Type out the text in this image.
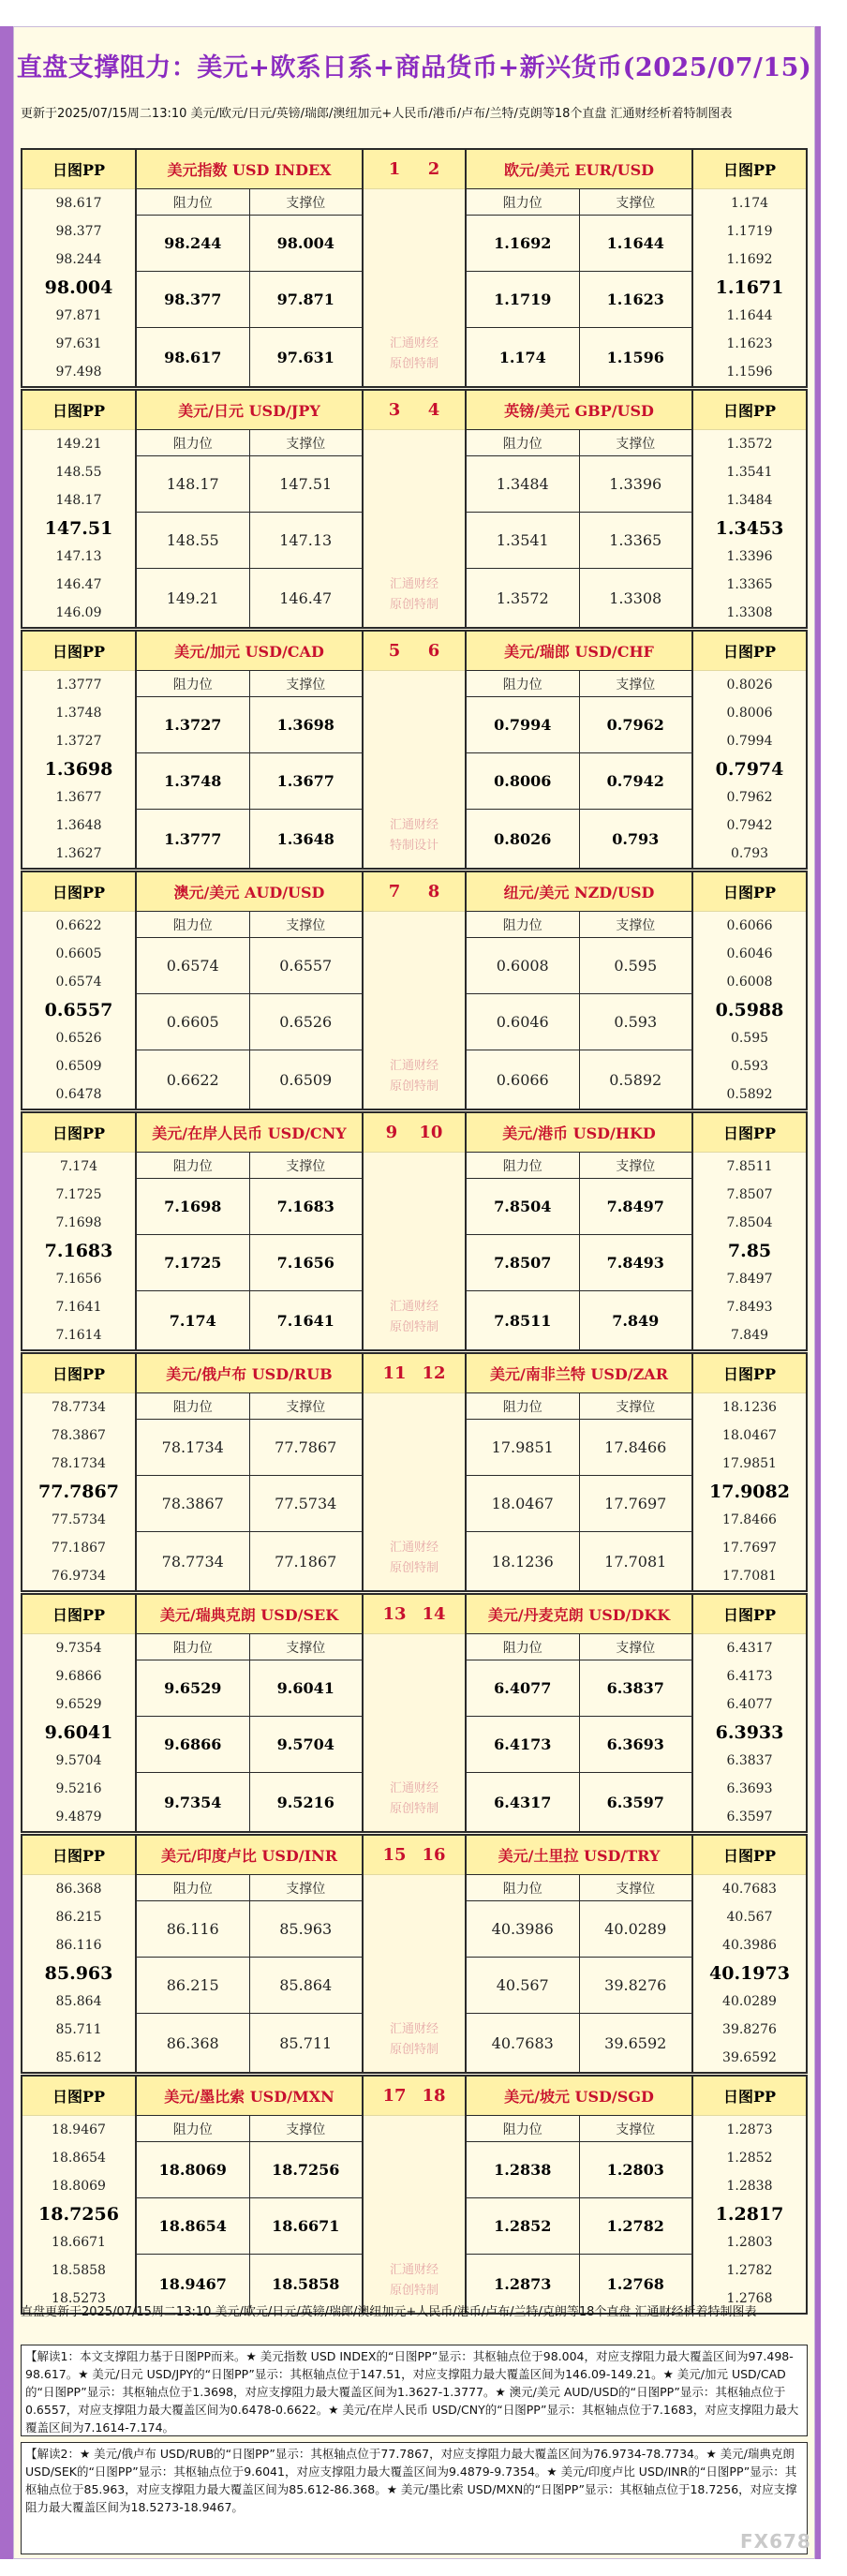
直盘支撑阻力：美元+欧系日系+商品货币+新兴货币(2025/07/15)
更新于2025/07/15周二13:10 美元/欧元/日元/英镑/瑞郎/澳纽加元+人民币/港币/卢布/兰特/克朗等18个直盘 汇通财经析着特制图表
日图PP
98.617
98.377
98.244
98.004
97.871
97.631
97.498
美元指数 USD INDEX
阻力位	支撑位
98.244	98.004
98.377	97.871
98.617	97.631
1 2
汇通财经
原创特制
欧元/美元 EUR/USD
阻力位	支撑位
1.1692	1.1644
1.1719	1.1623
1.174	1.1596
日图PP
1.174
1.1719
1.1692
1.1671
1.1644
1.1623
1.1596
日图PP
149.21
148.55
148.17
147.51
147.13
146.47
146.09
美元/日元 USD/JPY
阻力位	支撑位
148.17	147.51
148.55	147.13
149.21	146.47
3 4
汇通财经
原创特制
英镑/美元 GBP/USD
阻力位	支撑位
1.3484	1.3396
1.3541	1.3365
1.3572	1.3308
日图PP
1.3572
1.3541
1.3484
1.3453
1.3396
1.3365
1.3308
日图PP
1.3777
1.3748
1.3727
1.3698
1.3677
1.3648
1.3627
美元/加元 USD/CAD
阻力位	支撑位
1.3727	1.3698
1.3748	1.3677
1.3777	1.3648
5 6
汇通财经
特制设计
美元/瑞郎 USD/CHF
阻力位	支撑位
0.7994	0.7962
0.8006	0.7942
0.8026	0.793
日图PP
0.8026
0.8006
0.7994
0.7974
0.7962
0.7942
0.793
日图PP
0.6622
0.6605
0.6574
0.6557
0.6526
0.6509
0.6478
澳元/美元 AUD/USD
阻力位	支撑位
0.6574	0.6557
0.6605	0.6526
0.6622	0.6509
7 8
汇通财经
原创特制
纽元/美元 NZD/USD
阻力位	支撑位
0.6008	0.595
0.6046	0.593
0.6066	0.5892
日图PP
0.6066
0.6046
0.6008
0.5988
0.595
0.593
0.5892
日图PP
7.174
7.1725
7.1698
7.1683
7.1656
7.1641
7.1614
美元/在岸人民币 USD/CNY
阻力位	支撑位
7.1698	7.1683
7.1725	7.1656
7.174	7.1641
9 10
汇通财经
原创特制
美元/港币 USD/HKD
阻力位	支撑位
7.8504	7.8497
7.8507	7.8493
7.8511	7.849
日图PP
7.8511
7.8507
7.8504
7.85
7.8497
7.8493
7.849
日图PP
78.7734
78.3867
78.1734
77.7867
77.5734
77.1867
76.9734
美元/俄卢布 USD/RUB
阻力位	支撑位
78.1734	77.7867
78.3867	77.5734
78.7734	77.1867
11 12
汇通财经
原创特制
美元/南非兰特 USD/ZAR
阻力位	支撑位
17.9851	17.8466
18.0467	17.7697
18.1236	17.7081
日图PP
18.1236
18.0467
17.9851
17.9082
17.8466
17.7697
17.7081
日图PP
9.7354
9.6866
9.6529
9.6041
9.5704
9.5216
9.4879
美元/瑞典克朗 USD/SEK
阻力位	支撑位
9.6529	9.6041
9.6866	9.5704
9.7354	9.5216
13 14
汇通财经
原创特制
美元/丹麦克朗 USD/DKK
阻力位	支撑位
6.4077	6.3837
6.4173	6.3693
6.4317	6.3597
日图PP
6.4317
6.4173
6.4077
6.3933
6.3837
6.3693
6.3597
日图PP
86.368
86.215
86.116
85.963
85.864
85.711
85.612
美元/印度卢比 USD/INR
阻力位	支撑位
86.116	85.963
86.215	85.864
86.368	85.711
15 16
汇通财经
原创特制
美元/土里拉 USD/TRY
阻力位	支撑位
40.3986	40.0289
40.567	39.8276
40.7683	39.6592
日图PP
40.7683
40.567
40.3986
40.1973
40.0289
39.8276
39.6592
日图PP
18.9467
18.8654
18.8069
18.7256
18.6671
18.5858
18.5273
美元/墨比索 USD/MXN
阻力位	支撑位
18.8069	18.7256
18.8654	18.6671
18.9467	18.5858
17 18
汇通财经
原创特制
美元/坡元 USD/SGD
阻力位	支撑位
1.2838	1.2803
1.2852	1.2782
1.2873	1.2768
日图PP
1.2873
1.2852
1.2838
1.2817
1.2803
1.2782
1.2768
直盘更新于2025/07/15周二13:10 美元/欧元/日元/英镑/瑞郎/澳纽加元+人民币/港币/卢布/兰特/克朗等18个直盘 汇通财经析着特制图表
【解读1：本文支撑阻力基于日图PP而来。★ 美元指数 USD INDEX的“日图PP”显示：其枢轴点位于98.004，对应支撑阻力最大覆盖区间为97.498-98.617。★ 美元/日元 USD/JPY的“日图PP”显示：其枢轴点位于147.51，对应支撑阻力最大覆盖区间为146.09-149.21。★ 美元/加元 USD/CAD的“日图PP”显示：其枢轴点位于1.3698，对应支撑阻力最大覆盖区间为1.3627-1.3777。★ 澳元/美元 AUD/USD的“日图PP”显示：其枢轴点位于0.6557，对应支撑阻力最大覆盖区间为0.6478-0.6622。★ 美元/在岸人民币 USD/CNY的“日图PP”显示：其枢轴点位于7.1683，对应支撑阻力最大覆盖区间为7.1614-7.174。
【解读2：★ 美元/俄卢布 USD/RUB的“日图PP”显示：其枢轴点位于77.7867，对应支撑阻力最大覆盖区间为76.9734-78.7734。★ 美元/瑞典克朗 USD/SEK的“日图PP”显示：其枢轴点位于9.6041，对应支撑阻力最大覆盖区间为9.4879-9.7354。★ 美元/印度卢比 USD/INR的“日图PP”显示：其枢轴点位于85.963，对应支撑阻力最大覆盖区间为85.612-86.368。★ 美元/墨比索 USD/MXN的“日图PP”显示：其枢轴点位于18.7256，对应支撑阻力最大覆盖区间为18.5273-18.9467。
FX678
